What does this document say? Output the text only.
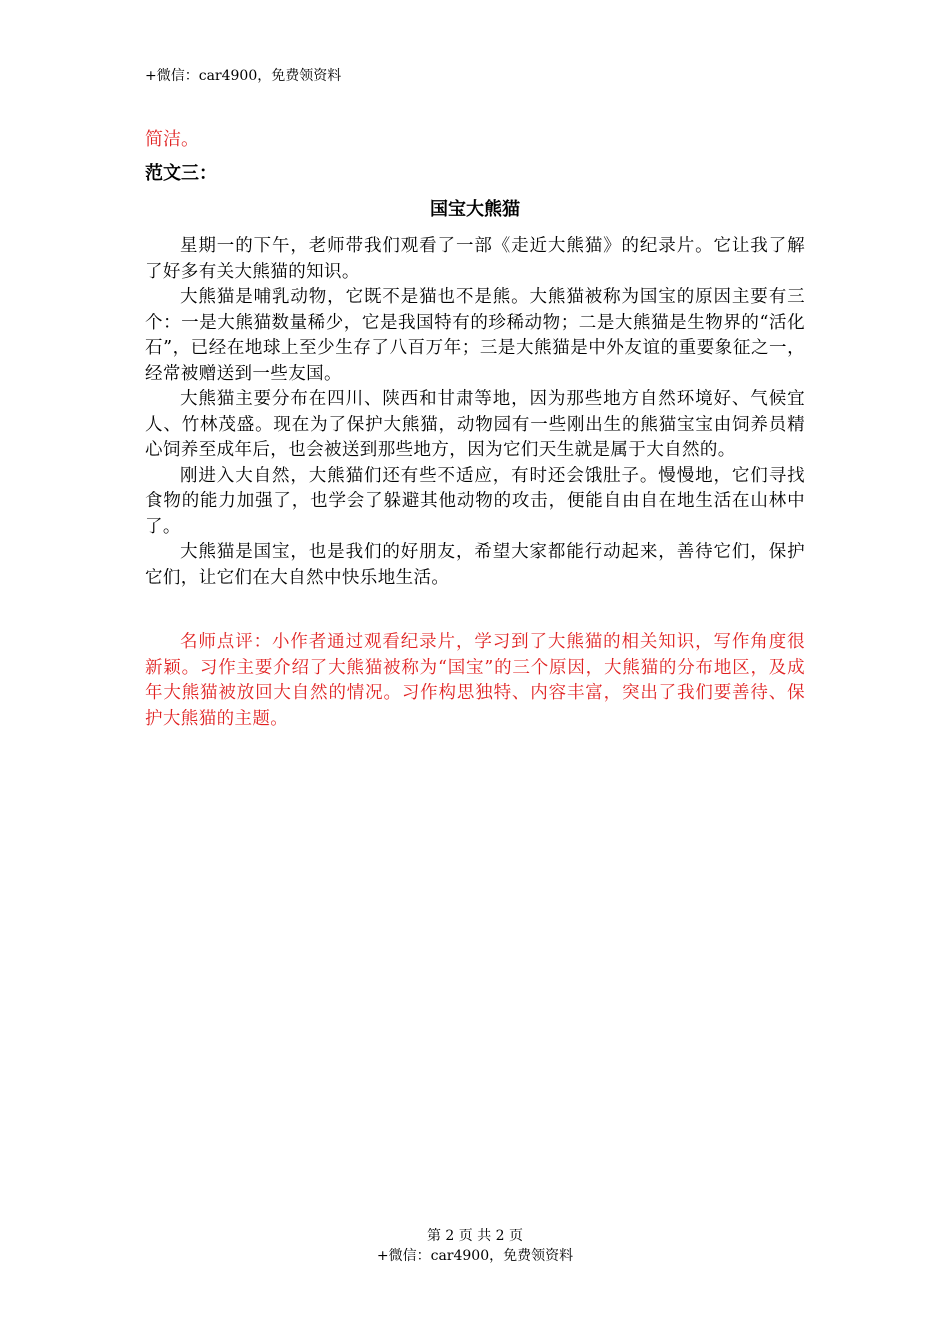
+微信：car4900，免费领资料
简洁。
范文三：
国宝大熊猫

星期一的下午，老师带我们观看了一部《走近大熊猫》的纪录片。它让我了解了好多有关大熊猫的知识。

大熊猫是哺乳动物，它既不是猫也不是熊。大熊猫被称为国宝的原因主要有三个：一是大熊猫数量稀少，它是我国特有的珍稀动物；二是大熊猫是生物界的“活化石”，已经在地球上至少生存了八百万年；三是大熊猫是中外友谊的重要象征之一，经常被赠送到一些友国。

大熊猫主要分布在四川、陕西和甘肃等地，因为那些地方自然环境好、气候宜人、竹林茂盛。现在为了保护大熊猫，动物园有一些刚出生的熊猫宝宝由饲养员精心饲养至成年后，也会被送到那些地方，因为它们天生就是属于大自然的。

刚进入大自然，大熊猫们还有些不适应，有时还会饿肚子。慢慢地，它们寻找食物的能力加强了，也学会了躲避其他动物的攻击，便能自由自在地生活在山林中了。

大熊猫是国宝，也是我们的好朋友，希望大家都能行动起来，善待它们，保护它们，让它们在大自然中快乐地生活。

名师点评：小作者通过观看纪录片，学习到了大熊猫的相关知识，写作角度很新颖。习作主要介绍了大熊猫被称为“国宝”的三个原因，大熊猫的分布地区，及成年大熊猫被放回大自然的情况。习作构思独特、内容丰富，突出了我们要善待、保护大熊猫的主题。

第 2 页 共 2 页
+微信：car4900，免费领资料
